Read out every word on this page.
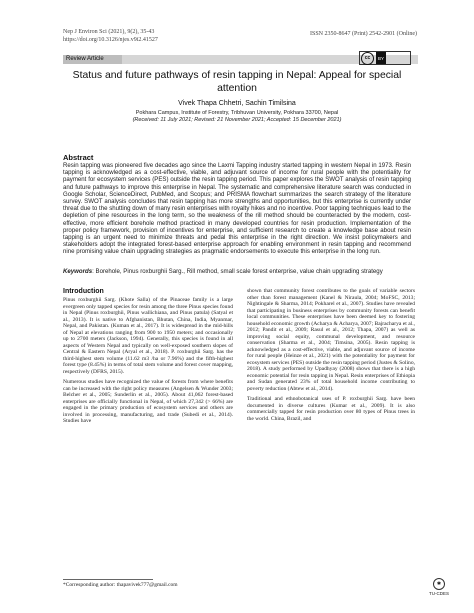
Nep J Environ Sci (2021), 9(2), 35-43
https://doi.org/10.3126/njes.v9i2.41527
ISSN 2350-8647 (Print) 2542-2901 (Online)
Review Article	cc	BY
Status and future pathways of resin tapping in Nepal: Appeal for special attention
Vivek Thapa Chhetri, Sachin Timilsina
Pokhara Campus, Institute of Forestry, Tribhuvan University, Pokhara 33700, Nepal
(Received: 11 July 2021; Revised: 21 November 2021; Accepted: 15 December 2021)
Abstract
Resin tapping was pioneered five decades ago since the Laxmi Tapping industry started tapping in western Nepal in 1973. Resin tapping is acknowledged as a cost-effective, viable, and adjuvant source of income for rural people with the potentiality for payment for ecosystem services (PES) outside the resin tapping period. This paper explores the SWOT analysis of resin tapping and future pathways to improve this enterprise in Nepal. The systematic and comprehensive literature search was conducted in Google Scholar, ScienceDirect, PubMed, and Scopus; and PRISMA flowchart summarizes the search strategy of the literature survey. SWOT analysis concludes that resin tapping has more strengths and opportunities, but this enterprise is currently under threat due to the shutting down of many resin enterprises with royalty hikes and no incentive. Poor tapping techniques lead to the depletion of pine resources in the long term, so the weakness of the rill method should be counteracted by the modern, cost-effective, more efficient borehole method practiced in many developed countries for resin production. Implementation of the proper policy framework, provision of incentives for enterprise, and sufficient research to create a knowledge base about resin tapping is an urgent need to minimize threats and pedal this enterprise in the right direction. We insist policymakers and stakeholders adopt the integrated forest-based enterprise approach for enabling environment in resin tapping and recommend nine promising value chain upgrading strategies as pragmatic endorsements to execute this enterprise in the long run.
Keywords: Borehole, Pinus roxburghii Sarg., Rill method, small scale forest enterprise, value chain upgrading strategy
Introduction

Pinus roxburghii Sarg. (Khote Salla) of the Pinaceae family is a large evergreen only tapped species for resin among the three Pinus species found in Nepal (Pinus roxburghii, Pinus wallichiana, and Pinus patula) (Satyal et al., 2013). It is native to Afghanistan, Bhutan, China, India, Myanmar, Nepal, and Pakistan. (Kuman et al., 2017). It is widespread in the mid-hills of Nepal at elevations ranging from 900 to 1950 meters; and occasionally up to 2700 meters (Jackson, 1994). Generally, this species is found in all aspects of Western Nepal and typically on well-exposed southern slopes of Central & Eastern Nepal (Aryal et al., 2018). P. roxburghii Sarg. has the third-highest stem volume (11.62 m3 /ha or 7.96%) and the fifth-highest forest type (8.45%) in terms of total stem volume and forest cover mapping, respectively (DFRS, 2015).

Numerous studies have recognized the value of forests from where benefits can be increased with the right policy measures (Angelsen & Wunder 2003; Belcher et al., 2005; Sunderlin et al., 2005). About 41,062 forest-based enterprises are officially functional in Nepal, of which 27,342 (> 66%) are engaged in the primary production of ecosystem services and others are involved in processing, manufacturing, and trade (Subedi et al., 2014). Studies have

shown that community forest contributes to the goals of variable sectors other than forest management (Kanel & Niraula, 2004; MoFSC, 2013; Nightingale & Sharma, 2014; Pokharel et al., 2007). Studies have revealed that participating in business enterprises by community forests can benefit local communities. These enterprises have been deemed key to fostering household economic growth (Acharya & Acharya, 2007; Bajracharya et al., 2012; Pandit et al., 2009; Rasul et al., 2012; Thapa, 2007) as well as improving social equity, communal development, and resource conservation (Sharma et al., 2004; Timsina, 2005). Resin tapping is acknowledged as a cost-effective, viable, and adjuvant source of income for rural people (Heinze et al., 2021) with the potentiality for payment for ecosystem services (PES) outside the resin tapping period (Justes & Solino, 2018). A study performed by Upadhyay (2008) shows that there is a high economic potential for resin tapping in Nepal. Resin enterprises of Ethiopia and Sudan generated 23% of total household income contributing to poverty reduction (Abtew et al., 2014).

Traditional and ethnobotanical uses of P. roxburghii Sarg. have been documented in diverse cultures (Kumar et al., 2009). It is also commercially tapped for resin production over 80 types of Pinus trees in the world. China, Brazil, and

*Corresponding author: thapavivek777@gmail.com	✱
TU-CDES
